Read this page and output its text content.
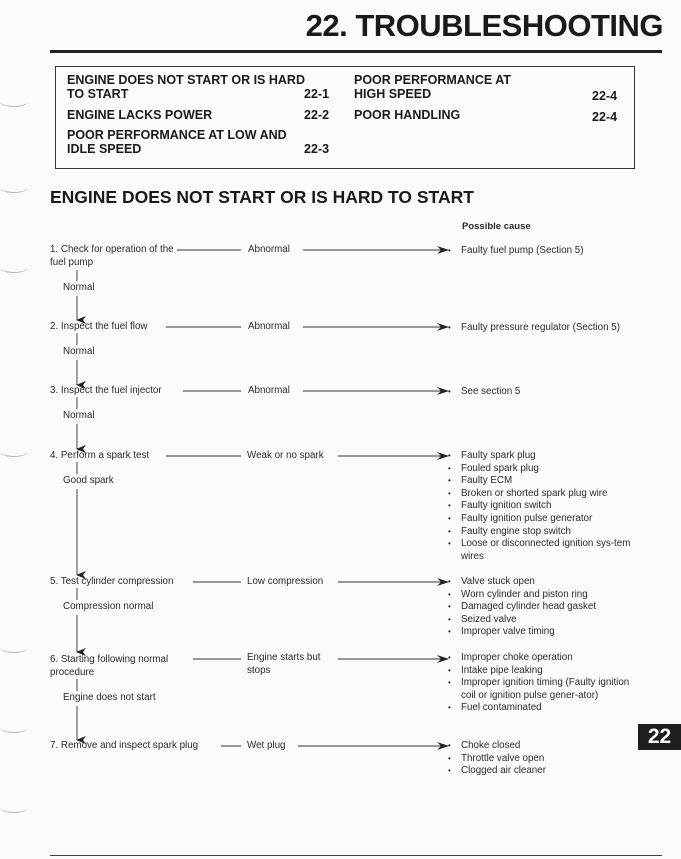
22. TROUBLESHOOTING
ENGINE DOES NOT START OR IS HARD TO START	22-1
ENGINE LACKS POWER	22-2
POOR PERFORMANCE AT LOW AND IDLE SPEED	22-3
POOR PERFORMANCE AT HIGH SPEED	22-4
POOR HANDLING	22-4
ENGINE DOES NOT START OR IS HARD TO START
Possible cause
1. Check for operation of the fuel pump
2. Inspect the fuel flow
3. Inspect the fuel injector
4. Perform a spark test
5. Test cylinder compression
6. Starting following normal procedure
7. Remove and inspect spark plug
Normal
Normal
Normal
Good spark
Compression normal
Engine does not start
Abnormal
Abnormal
Abnormal
Weak or no spark
Low compression
Engine starts but stops
Wet plug
• Faulty fuel pump (Section 5)
• Faulty pressure regulator (Section 5)
• See section 5
• Faulty spark plug
• Fouled spark plug
• Faulty ECM
• Broken or shorted spark plug wire
• Faulty ignition switch
• Faulty ignition pulse generator
• Faulty engine stop switch
• Loose or disconnected ignition sys-tem wires
• Valve stuck open
• Worn cylinder and piston ring
• Damaged cylinder head gasket
• Seized valve
• Improper valve timing
• Improper choke operation
• Intake pipe leaking
• Improper ignition timing (Faulty ignition coil or ignition pulse gener-ator)
• Fuel contaminated
• Choke closed
• Throttle valve open
• Clogged air cleaner
22
